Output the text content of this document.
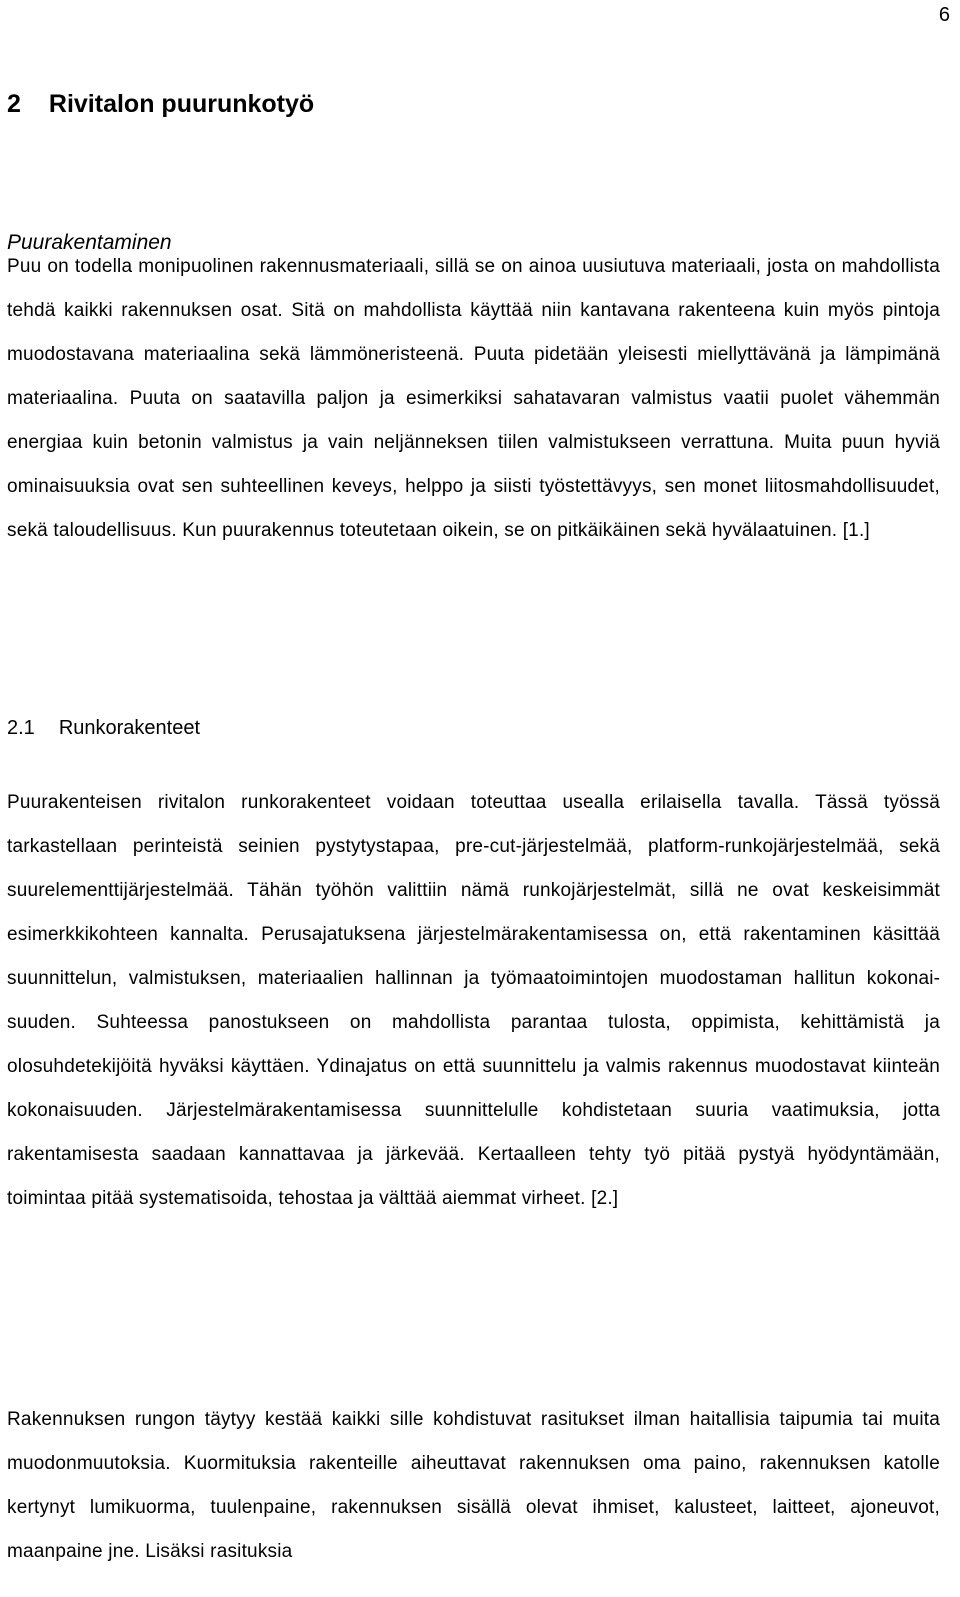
6
2 Rivitalon puurunkotyö
Puurakentaminen

Puu on todella monipuolinen rakennusmateriaali, sillä se on ainoa uusiutuva materiaali, josta on mahdollista tehdä kaikki rakennuksen osat. Sitä on mahdollista käyttää niin kantavana rakenteena kuin myös pintoja muodostavana materiaalina sekä lämmöneristeenä. Puuta pidetään yleisesti miellyttävänä ja lämpimänä materiaalina. Puuta on saatavilla paljon ja esimerkiksi sahatavaran valmistus vaatii puolet vähemmän energiaa kuin betonin valmistus ja vain neljänneksen tiilen valmistukseen verrattuna. Muita puun hyviä ominaisuuksia ovat sen suhteellinen keveys, helppo ja siisti työstettävyys, sen monet liitosmahdollisuudet, sekä taloudellisuus. Kun puurakennus toteutetaan oikein, se on pitkäikäinen sekä hyvälaatuinen. [1.]

2.1 Runkorakenteet

Puurakenteisen rivitalon runkorakenteet voidaan toteuttaa usealla erilaisella tavalla. Tässä työssä tarkastellaan perinteistä seinien pystytystapaa, pre-cut-järjestelmää, platform-runkojärjestelmää, sekä suurelementtijärjestelmää. Tähän työhön valittiin nämä runkojärjestelmät, sillä ne ovat keskeisimmät esimerkkikohteen kannalta. Perusajatuksena järjestelmärakentamisessa on, että rakentaminen käsittää suunnittelun, valmistuksen, materiaalien hallinnan ja työmaatoimintojen muodostaman hallitun kokonaisuuden. Suhteessa panostukseen on mahdollista parantaa tulosta, oppimista, kehittämistä ja olosuhdetekijöitä hyväksi käyttäen. Ydinajatus on että suunnittelu ja valmis rakennus muodostavat kiinteän kokonaisuuden. Järjestelmärakentamisessa suunnittelulle kohdistetaan suuria vaatimuksia, jotta rakentamisesta saadaan kannattavaa ja järkevää. Kertaalleen tehty työ pitää pystyä hyödyntämään, toimintaa pitää systematisoida, tehostaa ja välttää aiemmat virheet. [2.]

Rakennuksen rungon täytyy kestää kaikki sille kohdistuvat rasitukset ilman haitallisia taipumia tai muita muodonmuutoksia. Kuormituksia rakenteille aiheuttavat rakennuksen oma paino, rakennuksen katolle kertynyt lumikuorma, tuulenpaine, rakennuksen sisällä olevat ihmiset, kalusteet, laitteet, ajoneuvot, maanpaine jne. Lisäksi rasituksia
